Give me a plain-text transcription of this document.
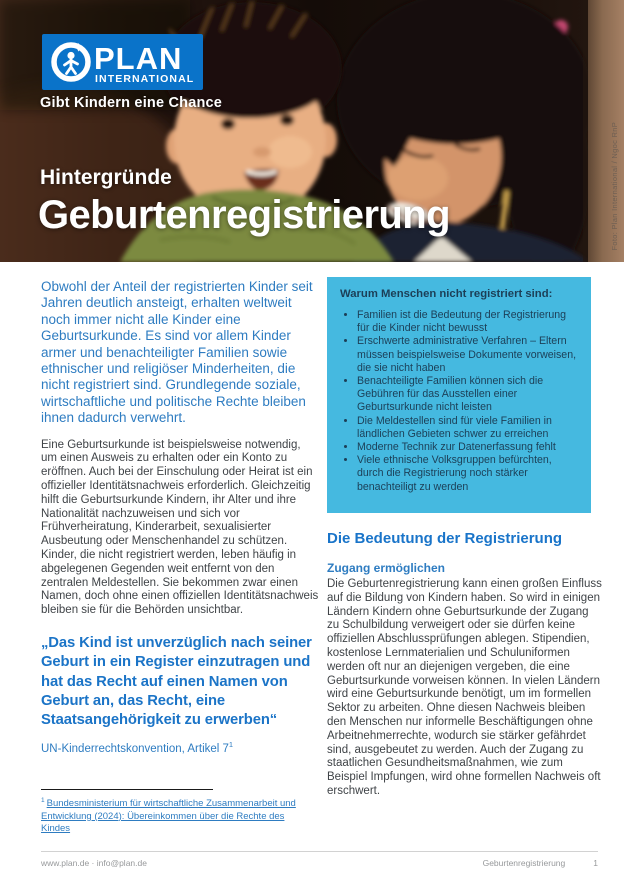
PLAN
INTERNATIONAL
Gibt Kindern eine Chance
Hintergründe
Geburtenregistrierung	Foto: Plan International / Ngoc RnP

Obwohl der Anteil der registrierten Kinder seit Jahren deutlich ansteigt, erhalten weltweit noch immer nicht alle Kinder eine Geburtsurkunde. Es sind vor allem Kinder armer und benachteiligter Familien sowie ethnischer und religiöser Minderheiten, die nicht registriert sind. Grundlegende soziale, wirtschaftliche und politische Rechte bleiben ihnen dadurch verwehrt.

Eine Geburtsurkunde ist beispielsweise notwendig, um einen Ausweis zu erhalten oder ein Konto zu eröffnen. Auch bei der Einschulung oder Heirat ist ein offizieller Identitätsnachweis erforderlich. Gleichzeitig hilft die Geburtsurkunde Kindern, ihr Alter und ihre Nationalität nachzuweisen und sich vor Frühverheiratung, Kinderarbeit, sexualisierter Ausbeutung oder Menschenhandel zu schützen. Kinder, die nicht registriert werden, leben häufig in abgelegenen Gegenden weit entfernt von den zentralen Meldestellen. Sie bekommen zwar einen Namen, doch ohne einen offiziellen Identitätsnachweis bleiben sie für die Behörden unsichtbar.

„Das Kind ist unverzüglich nach seiner Geburt in ein Register einzutragen und hat das Recht auf einen Namen von Geburt an, das Recht, eine Staatsangehörigkeit zu erwerben“

UN-Kinderrechtskonvention, Artikel $7^1$

Warum Menschen nicht registriert sind:

• Familien ist die Bedeutung der Registrierung für die Kinder nicht bewusst
• Erschwerte administrative Verfahren – Eltern müssen beispielsweise Dokumente vorweisen, die sie nicht haben
• Benachteiligte Familien können sich die Gebühren für das Ausstellen einer Geburtsurkunde nicht leisten
• Die Meldestellen sind für viele Familien in ländlichen Gebieten schwer zu erreichen
• Moderne Technik zur Datenerfassung fehlt
• Viele ethnische Volksgruppen befürchten, durch die Registrierung noch stärker benachteiligt zu werden
Die Bedeutung der Registrierung
Zugang ermöglichen

Die Geburtenregistrierung kann einen großen Einfluss auf die Bildung von Kindern haben. So wird in einigen Ländern Kindern ohne Geburtsurkunde der Zugang zu Schulbildung verweigert oder sie dürfen keine offiziellen Abschlussprüfungen ablegen. Stipendien, kostenlose Lernmaterialien und Schuluniformen werden oft nur an diejenigen vergeben, die eine Geburtsurkunde vorweisen können. In vielen Ländern wird eine Geburtsurkunde benötigt, um im formellen Sektor zu arbeiten. Ohne diesen Nachweis bleiben den Menschen nur informelle Beschäftigungen ohne Arbeitnehmerrechte, wodurch sie stärker gefährdet sind, ausgebeutet zu werden. Auch der Zugang zu staatlichen Gesundheitsmaßnahmen, wie zum Beispiel Impfungen, wird ohne formellen Nachweis oft erschwert.

$^1$ Bundesministerium für wirtschaftliche Zusammenarbeit und Entwicklung (2024): Übereinkommen über die Rechte des Kindes
www.plan.de · info@plan.de	Geburtenregistrierung	1
